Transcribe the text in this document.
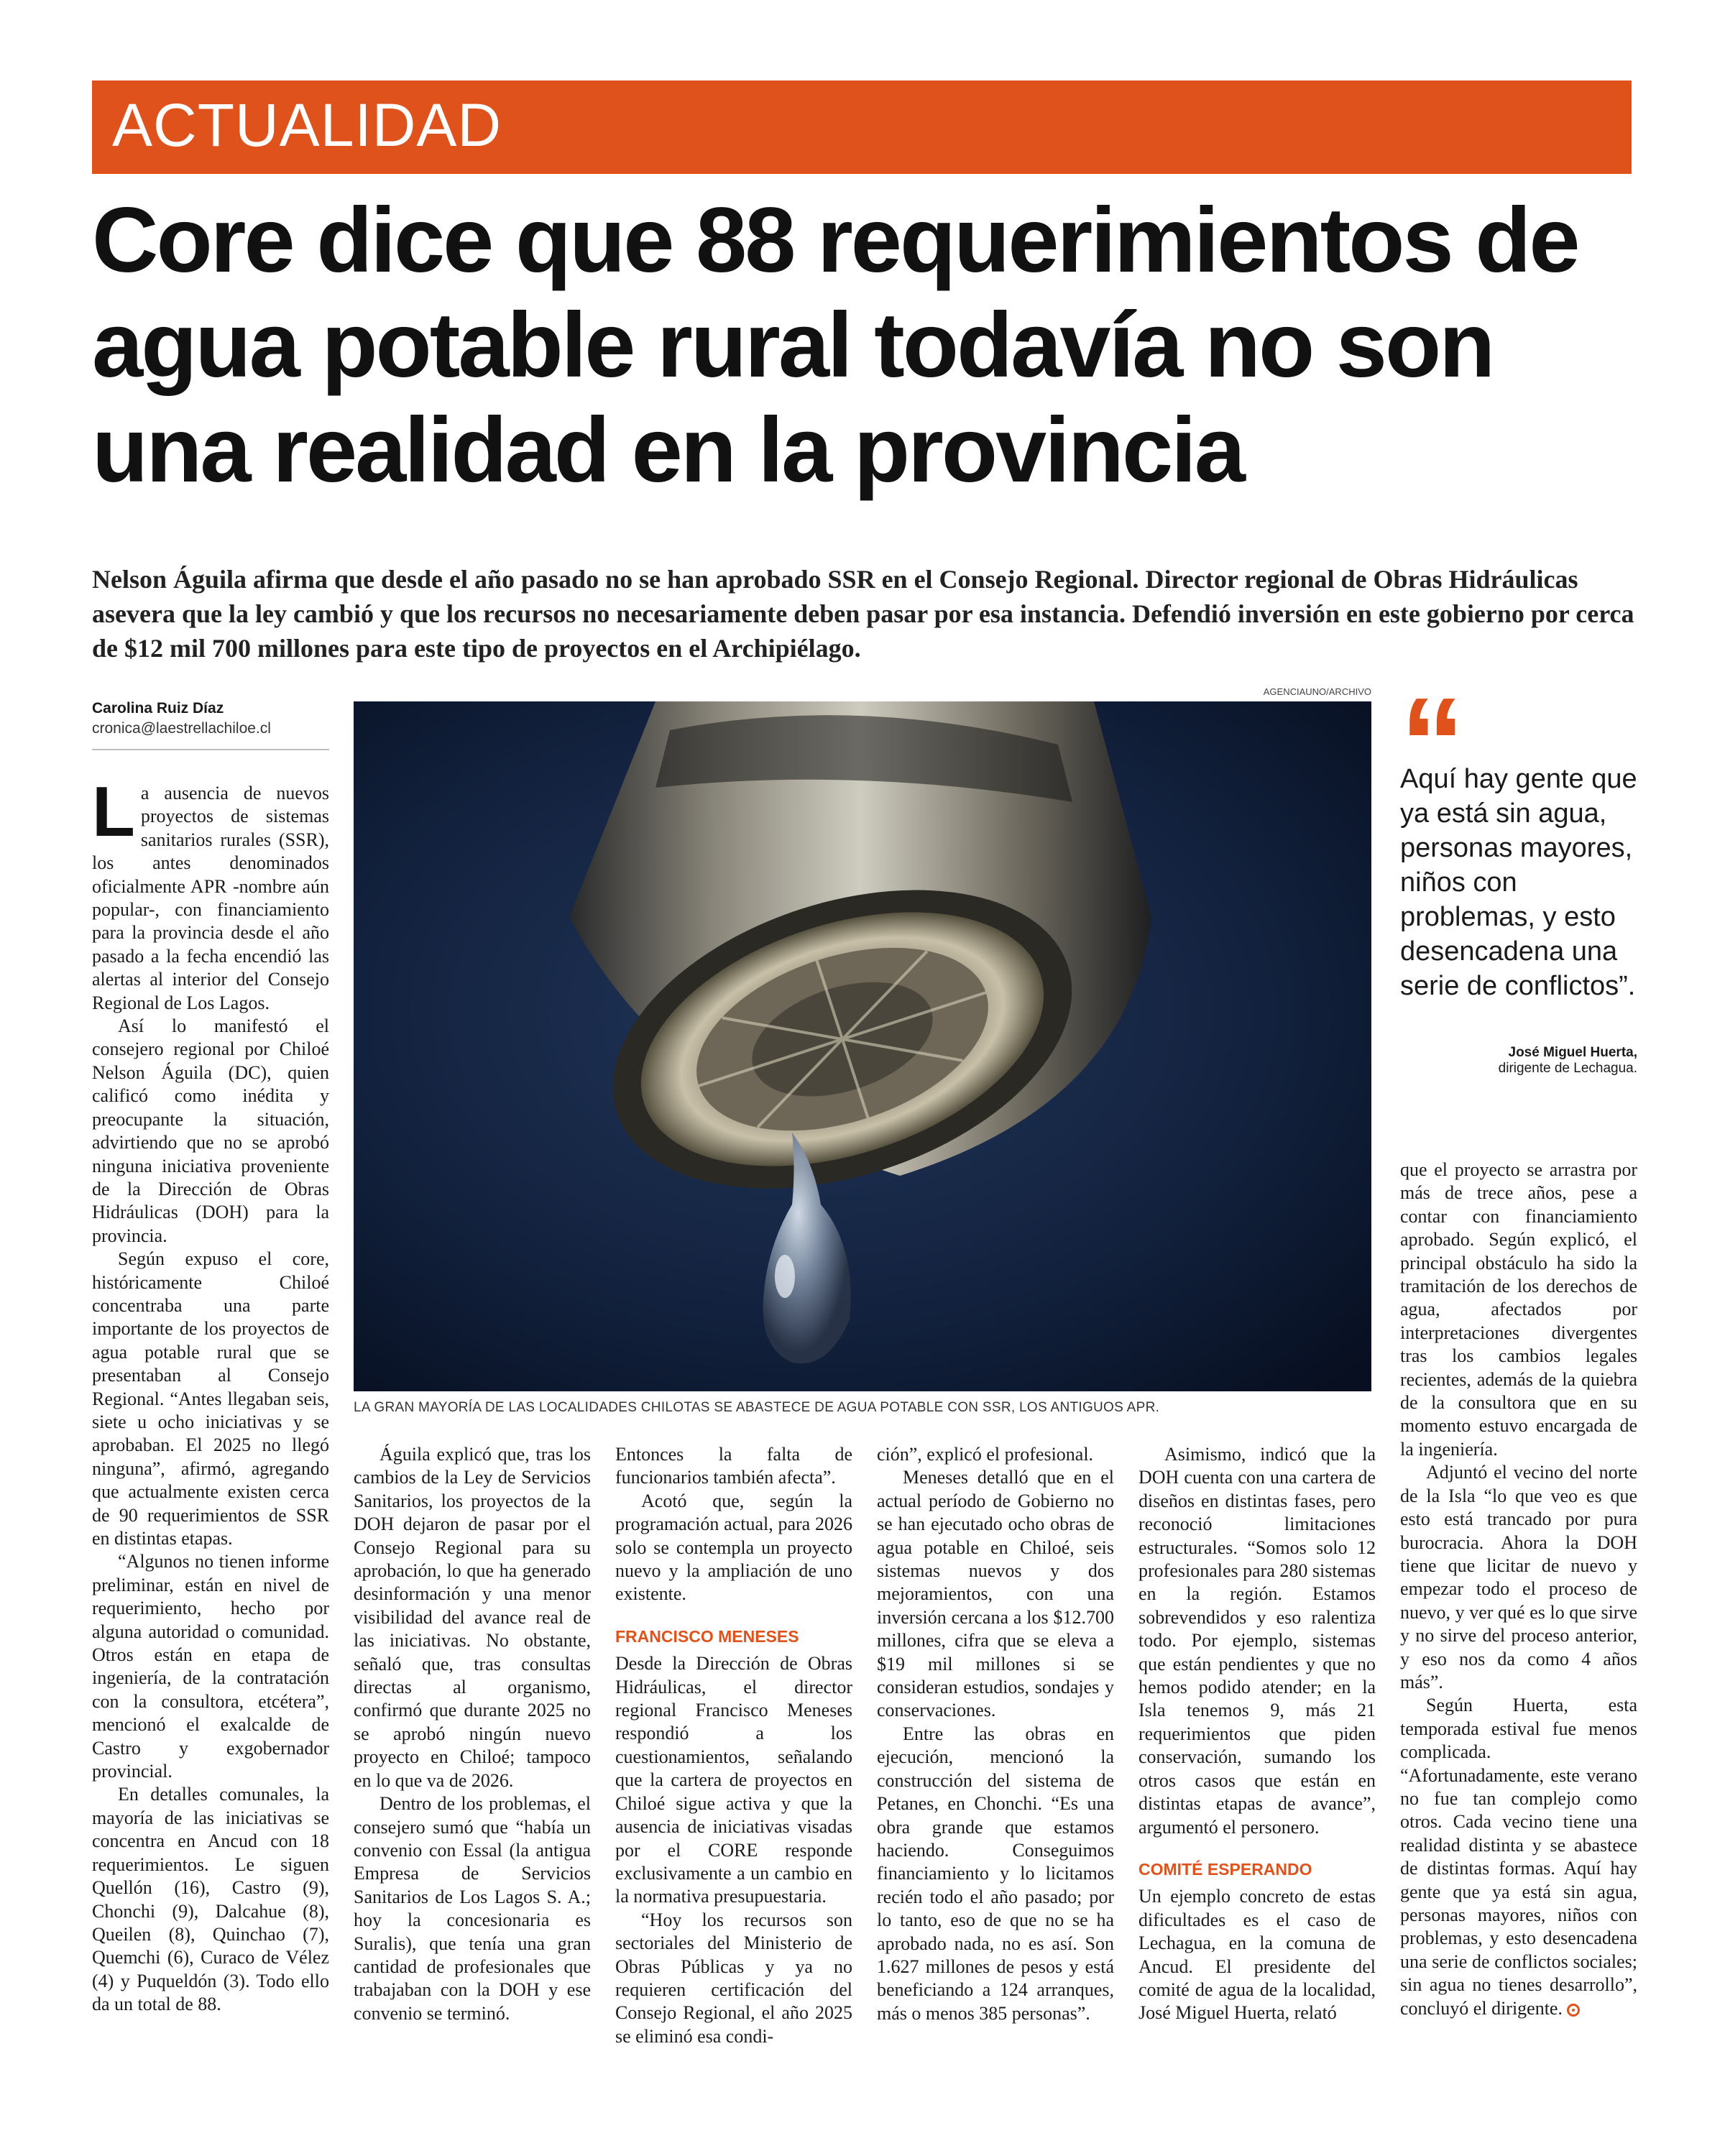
ACTUALIDAD
Core dice que 88 requerimientos de agua potable rural todavía no son una realidad en la provincia
Nelson Águila afirma que desde el año pasado no se han aprobado SSR en el Consejo Regional. Director regional de Obras Hidráulicas asevera que la ley cambió y que los recursos no necesariamente deben pasar por esa instancia. Defendió inversión en este gobierno por cerca de $12 mil 700 millones para este tipo de proyectos en el Archipiélago.
Carolina Ruiz Díaz
cronica@laestrellachiloe.cl
AGENCIAUNO/ARCHIVO
LA GRAN MAYORÍA DE LAS LOCALIDADES CHILOTAS SE ABASTECE DE AGUA POTABLE CON SSR, LOS ANTIGUOS APR.
“
Aquí hay gente que ya está sin agua, personas mayores, niños con problemas, y esto desencadena una serie de conflictos”.
José Miguel Huerta,
dirigente de Lechagua.

La ausencia de nuevos proyectos de sistemas sanitarios rurales (SSR), los antes denominados oficialmente APR -nombre aún popular-, con financiamiento para la provincia desde el año pasado a la fecha encendió las alertas al interior del Consejo Regional de Los Lagos.

Así lo manifestó el consejero regional por Chiloé Nelson Águila (DC), quien calificó como inédita y preocupante la situación, advirtiendo que no se aprobó ninguna iniciativa proveniente de la Dirección de Obras Hidráulicas (DOH) para la provincia.

Según expuso el core, históricamente Chiloé concentraba una parte importante de los proyectos de agua potable rural que se presentaban al Consejo Regional. “Antes llegaban seis, siete u ocho iniciativas y se aprobaban. El 2025 no llegó ninguna”, afirmó, agregando que actualmente existen cerca de 90 requerimientos de SSR en distintas etapas.

“Algunos no tienen informe preliminar, están en nivel de requerimiento, hecho por alguna autoridad o comunidad. Otros están en etapa de ingeniería, de la contratación con la consultora, etcétera”, mencionó el exalcalde de Castro y exgobernador provincial.

En detalles comunales, la mayoría de las iniciativas se concentra en Ancud con 18 requerimientos. Le siguen Quellón (16), Castro (9), Chonchi (9), Dalcahue (8), Queilen (8), Quinchao (7), Quemchi (6), Curaco de Vélez (4) y Puqueldón (3). Todo ello da un total de 88.

Águila explicó que, tras los cambios de la Ley de Servicios Sanitarios, los proyectos de la DOH dejaron de pasar por el Consejo Regional para su aprobación, lo que ha generado desinformación y una menor visibilidad del avance real de las iniciativas. No obstante, señaló que, tras consultas directas al organismo, confirmó que durante 2025 no se aprobó ningún nuevo proyecto en Chiloé; tampoco en lo que va de 2026.

Dentro de los problemas, el consejero sumó que “había un convenio con Essal (la antigua Empresa de Servicios Sanitarios de Los Lagos S. A.; hoy la concesionaria es Suralis), que tenía una gran cantidad de profesionales que trabajaban con la DOH y ese convenio se terminó.

Entonces la falta de funcionarios también afecta”.

Acotó que, según la programación actual, para 2026 solo se contempla un proyecto nuevo y la ampliación de uno existente.

FRANCISCO MENESES

Desde la Dirección de Obras Hidráulicas, el director regional Francisco Meneses respondió a los cuestionamientos, señalando que la cartera de proyectos en Chiloé sigue activa y que la ausencia de iniciativas visadas por el CORE responde exclusivamente a un cambio en la normativa presupuestaria.

“Hoy los recursos son sectoriales del Ministerio de Obras Públicas y ya no requieren certificación del Consejo Regional, el año 2025 se eliminó esa condi-

ción”, explicó el profesional.

Meneses detalló que en el actual período de Gobierno no se han ejecutado ocho obras de agua potable en Chiloé, seis sistemas nuevos y dos mejoramientos, con una inversión cercana a los $12.700 millones, cifra que se eleva a $19 mil millones si se consideran estudios, sondajes y conservaciones.

Entre las obras en ejecución, mencionó la construcción del sistema de Petanes, en Chonchi. “Es una obra grande que estamos haciendo. Conseguimos financiamiento y lo licitamos recién todo el año pasado; por lo tanto, eso de que no se ha aprobado nada, no es así. Son 1.627 millones de pesos y está beneficiando a 124 arranques, más o menos 385 personas”.

Asimismo, indicó que la DOH cuenta con una cartera de diseños en distintas fases, pero reconoció limitaciones estructurales. “Somos solo 12 profesionales para 280 sistemas en la región. Estamos sobrevendidos y eso ralentiza todo. Por ejemplo, sistemas que están pendientes y que no hemos podido atender; en la Isla tenemos 9, más 21 requerimientos que piden conservación, sumando los otros casos que están en distintas etapas de avance”, argumentó el personero.

COMITÉ ESPERANDO

Un ejemplo concreto de estas dificultades es el caso de Lechagua, en la comuna de Ancud. El presidente del comité de agua de la localidad, José Miguel Huerta, relató

que el proyecto se arrastra por más de trece años, pese a contar con financiamiento aprobado. Según explicó, el principal obstáculo ha sido la tramitación de los derechos de agua, afectados por interpretaciones divergentes tras los cambios legales recientes, además de la quiebra de la consultora que en su momento estuvo encargada de la ingeniería.

Adjuntó el vecino del norte de la Isla “lo que veo es que esto está trancado por pura burocracia. Ahora la DOH tiene que licitar de nuevo y empezar todo el proceso de nuevo, y ver qué es lo que sirve y no sirve del proceso anterior, y eso nos da como 4 años más”.

Según Huerta, esta temporada estival fue menos complicada. “Afortunadamente, este verano no fue tan complejo como otros. Cada vecino tiene una realidad distinta y se abastece de distintas formas. Aquí hay gente que ya está sin agua, personas mayores, niños con problemas, y esto desencadena una serie de conflictos sociales; sin agua no tienes desarrollo”, concluyó el dirigente.
